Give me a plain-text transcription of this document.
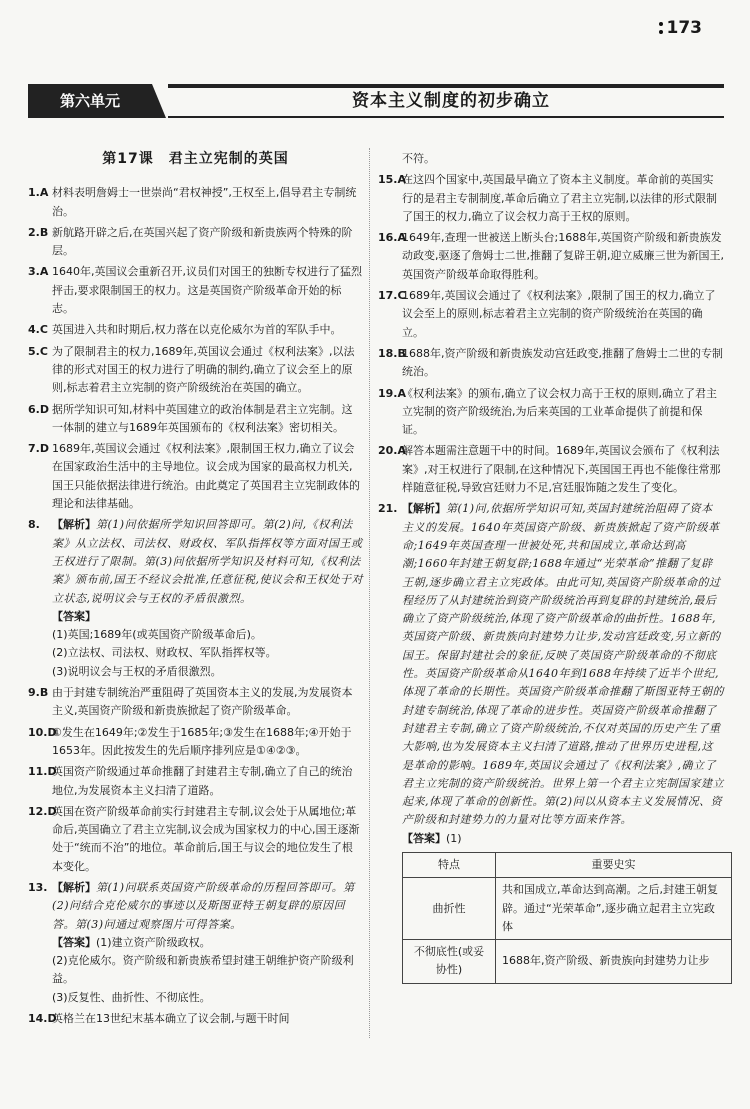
173
第六单元	资本主义制度的初步确立
第17课　君主立宪制的英国
1.A 材料表明詹姆士一世崇尚“君权神授”,王权至上,倡导君主专制统治。
2.B 新航路开辟之后,在英国兴起了资产阶级和新贵族两个特殊的阶层。
3.A 1640年,英国议会重新召开,议员们对国王的独断专权进行了猛烈抨击,要求限制国王的权力。这是英国资产阶级革命开始的标志。
4.C 英国进入共和时期后,权力落在以克伦威尔为首的军队手中。
5.C 为了限制君主的权力,1689年,英国议会通过《权利法案》,以法律的形式对国王的权力进行了明确的制约,确立了议会至上的原则,标志着君主立宪制的资产阶级统治在英国的确立。
6.D 据所学知识可知,材料中英国建立的政治体制是君主立宪制。这一体制的建立与1689年英国颁布的《权利法案》密切相关。
7.D 1689年,英国议会通过《权利法案》,限制国王权力,确立了议会在国家政治生活中的主导地位。议会成为国家的最高权力机关,国王只能依据法律进行统治。由此奠定了英国君主立宪制政体的理论和法律基础。
8. 【解析】第(1)问依据所学知识回答即可。第(2)问,《权利法案》从立法权、司法权、财政权、军队指挥权等方面对国王或王权进行了限制。第(3)问依据所学知识及材料可知,《权利法案》颁布前,国王不经议会批准,任意征税,使议会和王权处于对立状态,说明议会与王权的矛盾很激烈。
【答案】
(1)英国;1689年(或英国资产阶级革命后)。
(2)立法权、司法权、财政权、军队指挥权等。
(3)说明议会与王权的矛盾很激烈。
9.B 由于封建专制统治严重阻碍了英国资本主义的发展,为发展资本主义,英国资产阶级和新贵族掀起了资产阶级革命。
10.D
①发生在1649年;②发生于1685年;③发生在1688年;④开始于1653年。因此按发生的先后顺序排列应是①④②③。
11.D
英国资产阶级通过革命推翻了封建君主专制,确立了自己的统治地位,为发展资本主义扫清了道路。
12.D
英国在资产阶级革命前实行封建君主专制,议会处于从属地位;革命后,英国确立了君主立宪制,议会成为国家权力的中心,国王逐渐处于“统而不治”的地位。革命前后,国王与议会的地位发生了根本变化。
13. 【解析】第(1)问联系英国资产阶级革命的历程回答即可。第(2)问结合克伦威尔的事迹以及斯图亚特王朝复辟的原因回答。第(3)问通过观察图片可得答案。
【答案】(1)建立资产阶级政权。
(2)克伦威尔。资产阶级和新贵族希望封建王朝维护资产阶级利益。
(3)反复性、曲折性、不彻底性。
14.D
英格兰在13世纪末基本确立了议会制,与题干时间
不符。
15.A
在这四个国家中,英国最早确立了资本主义制度。革命前的英国实行的是君主专制制度,革命后确立了君主立宪制,以法律的形式限制了国王的权力,确立了议会权力高于王权的原则。
16.A
1649年,查理一世被送上断头台;1688年,英国资产阶级和新贵族发动政变,驱逐了詹姆士二世,推翻了复辟王朝,迎立威廉三世为新国王,英国资产阶级革命取得胜利。
17.C
1689年,英国议会通过了《权利法案》,限制了国王的权力,确立了议会至上的原则,标志着君主立宪制的资产阶级统治在英国的确立。
18.B
1688年,资产阶级和新贵族发动宫廷政变,推翻了詹姆士二世的专制统治。
19.A
《权利法案》的颁布,确立了议会权力高于王权的原则,确立了君主立宪制的资产阶级统治,为后来英国的工业革命提供了前提和保证。
20.A
解答本题需注意题干中的时间。1689年,英国议会颁布了《权利法案》,对王权进行了限制,在这种情况下,英国国王再也不能像往常那样随意征税,导致宫廷财力不足,宫廷服饰随之发生了变化。
21. 【解析】第(1)问,依据所学知识可知,英国封建统治阻碍了资本主义的发展。1640年英国资产阶级、新贵族掀起了资产阶级革命;1649年英国查理一世被处死,共和国成立,革命达到高潮;1660年封建王朝复辟;1688年通过“光荣革命”推翻了复辟王朝,逐步确立君主立宪政体。由此可知,英国资产阶级革命的过程经历了从封建统治到资产阶级统治再到复辟的封建统治,最后确立了资产阶级统治,体现了资产阶级革命的曲折性。1688年,英国资产阶级、新贵族向封建势力让步,发动宫廷政变,另立新的国王。保留封建社会的象征,反映了英国资产阶级革命的不彻底性。英国资产阶级革命从1640年到1688年持续了近半个世纪,体现了革命的长期性。英国资产阶级革命推翻了斯图亚特王朝的封建专制统治,体现了革命的进步性。英国资产阶级革命推翻了封建君主专制,确立了资产阶级统治,不仅对英国的历史产生了重大影响,也为发展资本主义扫清了道路,推动了世界历史进程,这是革命的影响。1689年,英国议会通过了《权利法案》,确立了君主立宪制的资产阶级统治。世界上第一个君主立宪制国家建立起来,体现了革命的创新性。第(2)问以从资本主义发展情况、资产阶级和封建势力的力量对比等方面来作答。
【答案】(1)
特点	重要史实
曲折性	共和国成立,革命达到高潮。之后,封建王朝复辟。通过“光荣革命”,逐步确立起君主立宪政体
不彻底性(或妥协性)	1688年,资产阶级、新贵族向封建势力让步
